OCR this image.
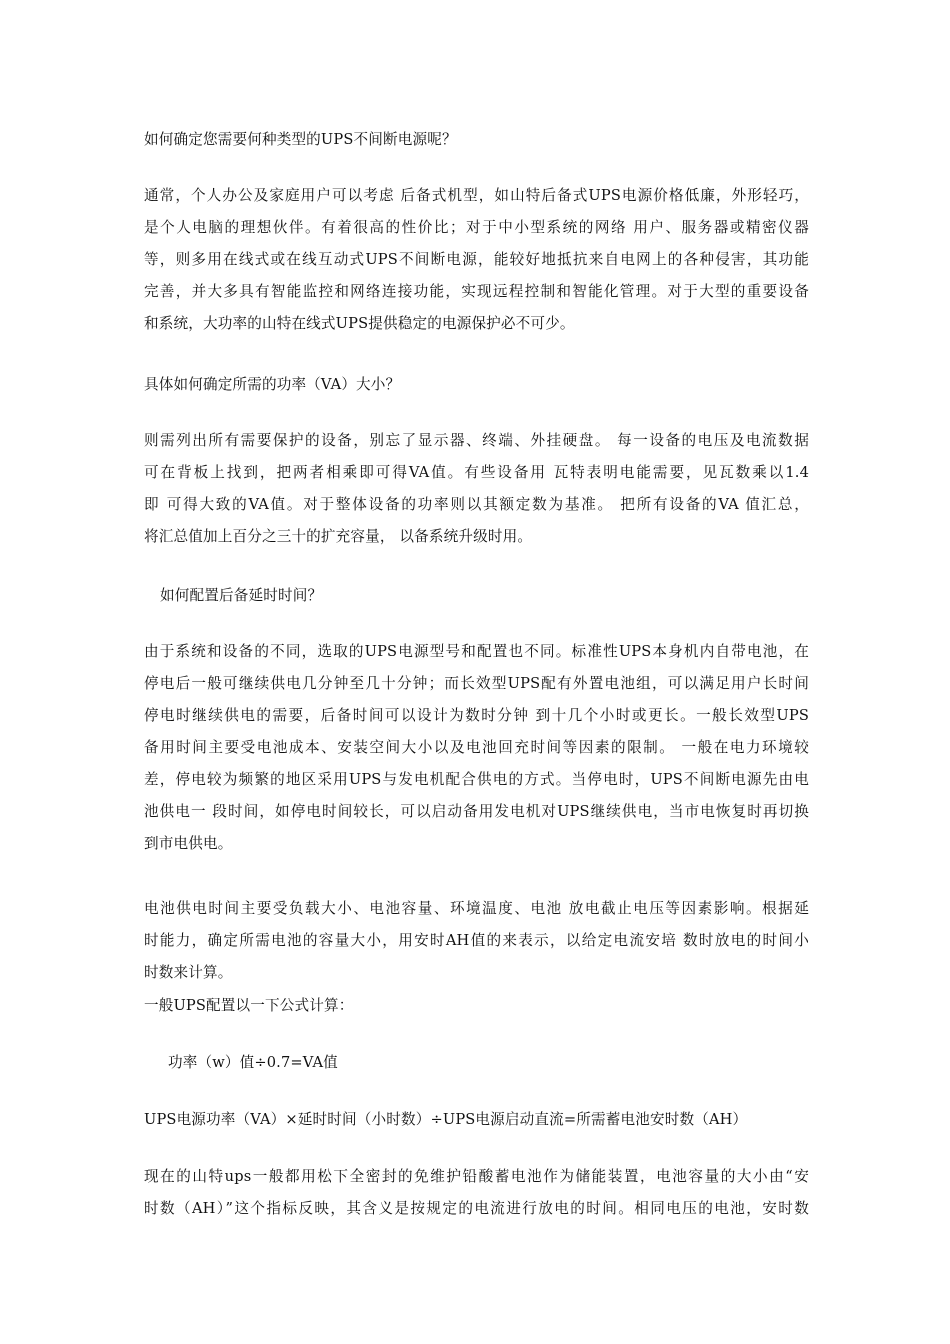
如何确定您需要何种类型的UPS不间断电源呢？
通常，个人办公及家庭用户可以考虑 后备式机型，如山特后备式UPS电源价格低廉，外形轻巧，
是个人电脑的理想伙伴。有着很高的性价比；对于中小型系统的网络 用户、服务器或精密仪器
等，则多用在线式或在线互动式UPS不间断电源，能较好地抵抗来自电网上的各种侵害，其功能
完善，并大多具有智能监控和网络连接功能，实现远程控制和智能化管理。对于大型的重要设备
和系统，大功率的山特在线式UPS提供稳定的电源保护必不可少。
具体如何确定所需的功率（VA）大小？
则需列出所有需要保护的设备，别忘了显示器、终端、外挂硬盘。 每一设备的电压及电流数据
可在背板上找到，把两者相乘即可得VA值。有些设备用 瓦特表明电能需要，见瓦数乘以1.4
即 可得大致的VA值。对于整体设备的功率则以其额定数为基准。 把所有设备的VA 值汇总，
将汇总值加上百分之三十的扩充容量， 以备系统升级时用。
如何配置后备延时时间？
由于系统和设备的不同，选取的UPS电源型号和配置也不同。标准性UPS本身机内自带电池，在
停电后一般可继续供电几分钟至几十分钟；而长效型UPS配有外置电池组，可以满足用户长时间
停电时继续供电的需要，后备时间可以设计为数时分钟 到十几个小时或更长。一般长效型UPS
备用时间主要受电池成本、安装空间大小以及电池回充时间等因素的限制。 一般在电力环境较
差，停电较为频繁的地区采用UPS与发电机配合供电的方式。当停电时，UPS不间断电源先由电
池供电一 段时间，如停电时间较长，可以启动备用发电机对UPS继续供电，当市电恢复时再切换
到市电供电。
电池供电时间主要受负载大小、电池容量、环境温度、电池 放电截止电压等因素影响。根据延
时能力，确定所需电池的容量大小，用安时AH值的来表示，以给定电流安培 数时放电的时间小
时数来计算。
一般UPS配置以一下公式计算：
功率（w）值÷0.7=VA值
UPS电源功率（VA）×延时时间（小时数）÷UPS电源启动直流=所需蓄电池安时数（AH）
现在的山特ups一般都用松下全密封的免维护铅酸蓄电池作为储能装置，电池容量的大小由“安
时数（AH）”这个指标反映，其含义是按规定的电流进行放电的时间。相同电压的电池，安时数
